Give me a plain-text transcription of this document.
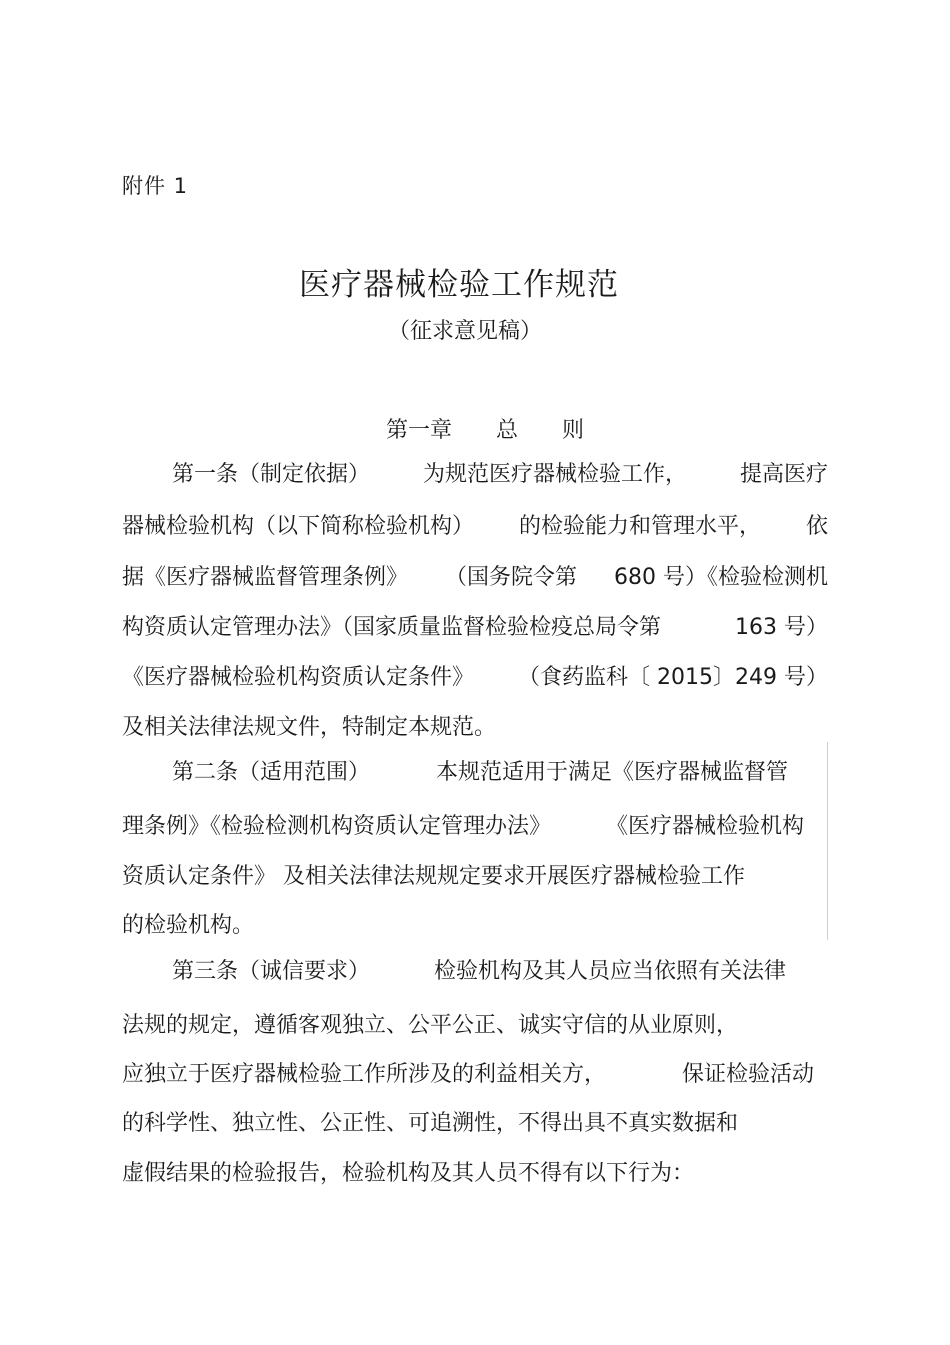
附件 1
医疗器械检验工作规范
（征求意见稿）
第一章　　总　　则
第一条（制定依据） 为规范医疗器械检验工作， 提高医疗
器械检验机构（以下简称检验机构） 的检验能力和管理水平， 依
据《医疗器械监督管理条例》 （国务院令第 680 号）《检验检测机
构资质认定管理办法》（国家质量监督检验检疫总局令第	163 号）
《医疗器械检验机构资质认定条件》 （食药监科〔 2015〕249 号）
及相关法律法规文件，特制定本规范。
第二条（适用范围）	本规范适用于满足《医疗器械监督管
理条例》《检验检测机构资质认定管理办法》 《医疗器械检验机构
资质认定条件》 及相关法律法规规定要求开展医疗器械检验工作
的检验机构。
第三条（诚信要求）	检验机构及其人员应当依照有关法律
法规的规定，遵循客观独立、公平公正、诚实守信的从业原则，
应独立于医疗器械检验工作所涉及的利益相关方，	保证检验活动
的科学性、独立性、公正性、可追溯性，不得出具不真实数据和
虚假结果的检验报告，检验机构及其人员不得有以下行为：
